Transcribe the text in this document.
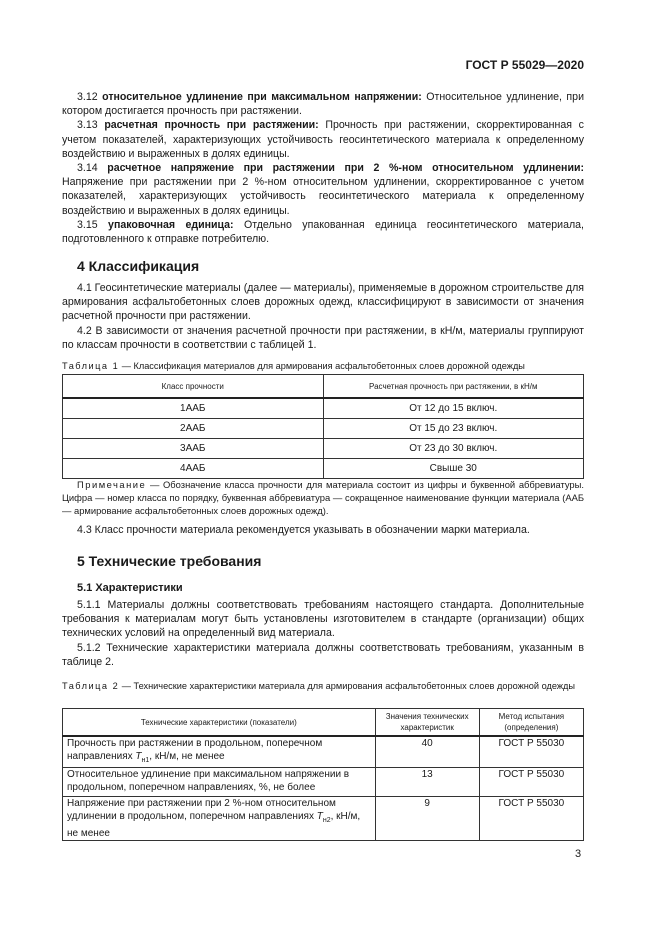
ГОСТ Р 55029—2020

3.12 относительное удлинение при максимальном напряжении: Относительное удлинение, при котором достигается прочность при растяжении.

3.13 расчетная прочность при растяжении: Прочность при растяжении, скорректированная с учетом показателей, характеризующих устойчивость геосинтетического материала к определенному воздействию и выраженных в долях единицы.

3.14 расчетное напряжение при растяжении при 2 %-ном относительном удлинении: Напряжение при растяжении при 2 %-ном относительном удлинении, скорректированное с учетом показателей, характеризующих устойчивость геосинтетического материала к определенному воздействию и выраженных в долях единицы.

3.15 упаковочная единица: Отдельно упакованная единица геосинтетического материала, подготовленного к отправке потребителю.

4 Классификация

4.1 Геосинтетические материалы (далее — материалы), применяемые в дорожном строительстве для армирования асфальтобетонных слоев дорожных одежд, классифицируют в зависимости от значения расчетной прочности при растяжении.

4.2 В зависимости от значения расчетной прочности при растяжении, в кН/м, материалы группируют по классам прочности в соответствии с таблицей 1.

Таблица 1 — Классификация материалов для армирования асфальтобетонных слоев дорожной одежды
Класс прочности	Расчетная прочность при растяжении, в кН/м
1ААБ	От 12 до 15 включ.
2ААБ	От 15 до 23 включ.
3ААБ	От 23 до 30 включ.
4ААБ	Свыше 30

Примечание — Обозначение класса прочности для материала состоит из цифры и буквенной аббревиатуры. Цифра — номер класса по порядку, буквенная аббревиатура — сокращенное наименование функции материала (ААБ — армирование асфальтобетонных слоев дорожных одежд).

4.3 Класс прочности материала рекомендуется указывать в обозначении марки материала.

5 Технические требования
5.1 Характеристики

5.1.1 Материалы должны соответствовать требованиям настоящего стандарта. Дополнительные требования к материалам могут быть установлены изготовителем в стандарте (организации) общих технических условий на определенный вид материала.

5.1.2 Технические характеристики материала должны соответствовать требованиям, указанным в таблице 2.

Таблица 2 — Технические характеристики материала для армирования асфальтобетонных слоев дорожной одежды
Технические характеристики (показатели)	Значения технических характеристик	Метод испытания (определения)
Прочность при растяжении в продольном, поперечном направлениях $T_{н1}$, кН/м, не менее	40	ГОСТ Р 55030
Относительное удлинение при максимальном напряжении в продольном, поперечном направлениях, %, не более	13	ГОСТ Р 55030
Напряжение при растяжении при 2 %-ном относительном удлинении в продольном, поперечном направлениях $T_{н2}$, кН/м, не менее	9	ГОСТ Р 55030
3
